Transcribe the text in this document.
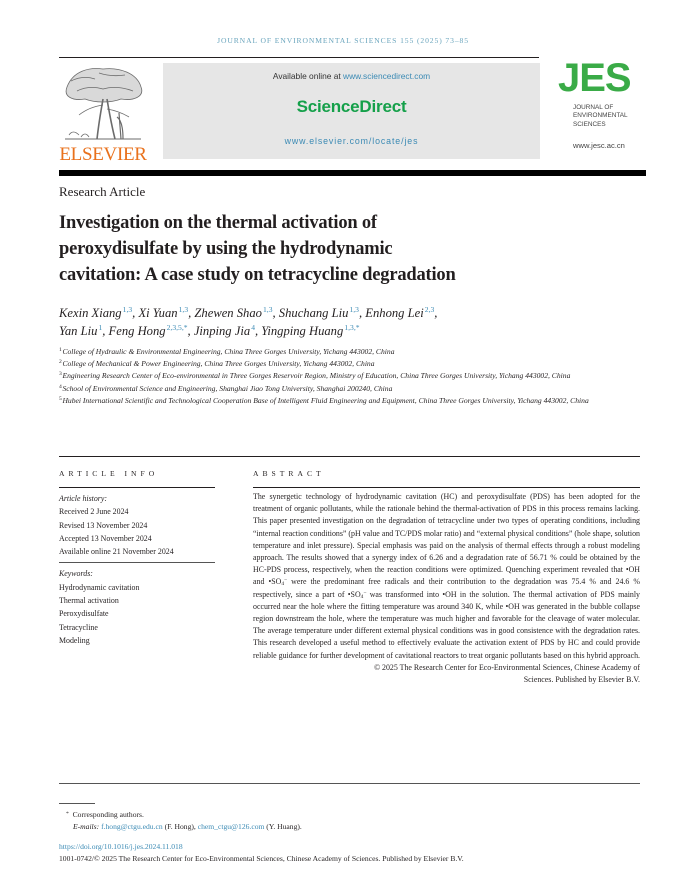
JOURNAL OF ENVIRONMENTAL SCIENCES 155 (2025) 73–85
ELSEVIER
Available online at www.sciencedirect.com
ScienceDirect
www.elsevier.com/locate/jes
JES
JOURNAL OF
ENVIRONMENTAL
SCIENCES
www.jesc.ac.cn
Research Article
Investigation on the thermal activation of
peroxydisulfate by using the hydrodynamic
cavitation: A case study on tetracycline degradation
Kexin Xiang $^{1,3}$, Xi Yuan $^{1,3}$, Zhewen Shao $^{1,3}$, Shuchang Liu $^{1,3}$, Enhong Lei $^{2,3}$,
Yan Liu $^1$, Feng Hong $^{2,3,5,*}$, Jinping Jia $^4$, Yingping Huang $^{1,3,*}$
$^1$ College of Hydraulic & Environmental Engineering, China Three Gorges University, Yichang 443002, China
$^2$ College of Mechanical & Power Engineering, China Three Gorges University, Yichang 443002, China
$^3$ Engineering Research Center of Eco-environmental in Three Gorges Reservoir Region, Ministry of Education, China Three Gorges University, Yichang 443002, China
$^4$ School of Environmental Science and Engineering, Shanghai Jiao Tong University, Shanghai 200240, China
$^5$ Hubei International Scientific and Technological Cooperation Base of Intelligent Fluid Engineering and Equipment, China Three Gorges University, Yichang 443002, China
ARTICLE INFO
Article history:
Received 2 June 2024
Revised 13 November 2024
Accepted 13 November 2024
Available online 21 November 2024
Keywords:
Hydrodynamic cavitation
Thermal activation
Peroxydisulfate
Tetracycline
Modeling
ABSTRACT
The synergetic technology of hydrodynamic cavitation (HC) and peroxydisulfate (PDS) has been adopted for the treatment of organic pollutants, while the rationale behind the thermal-activation of PDS in this process remains lacking. This paper presented investigation on the degradation of tetracycline under two types of operating conditions, including “internal reaction conditions” (pH value and TC/PDS molar ratio) and “external physical conditions” (hole shape, solution temperature and inlet pressure). Special emphasis was paid on the analysis of thermal effects through a robust modeling approach. The results showed that a synergy index of 6.26 and a degradation rate of 56.71 % could be obtained by the HC-PDS process, respectively, when the reaction conditions were optimized. Quenching experiment revealed that •OH and $•SO_4^-$ were the predominant free radicals and their contribution to the degradation was 75.4 % and 24.6 % respectively, since a part of $•SO_4^-$ was transformed into •OH in the solution. The thermal activation of PDS mainly occurred near the hole where the fitting temperature was around 340 K, while •OH was generated in the bubble collapse region downstream the hole, where the temperature was much higher and favorable for the cleavage of water molecular. The average temperature under different external physical conditions was in good consistence with the degradation rates. This research developed a useful method to effectively evaluate the activation extent of PDS by HC and could provide reliable guidance for further development of cavitational reactors to treat organic pollutants based on this hybrid approach.
© 2025 The Research Center for Eco-Environmental Sciences, Chinese Academy of
Sciences. Published by Elsevier B.V.
*  Corresponding authors.
E-mails: f.hong@ctgu.edu.cn (F. Hong), chem_ctgu@126.com (Y. Huang).
https://doi.org/10.1016/j.jes.2024.11.018
1001-0742/© 2025 The Research Center for Eco-Environmental Sciences, Chinese Academy of Sciences. Published by Elsevier B.V.
